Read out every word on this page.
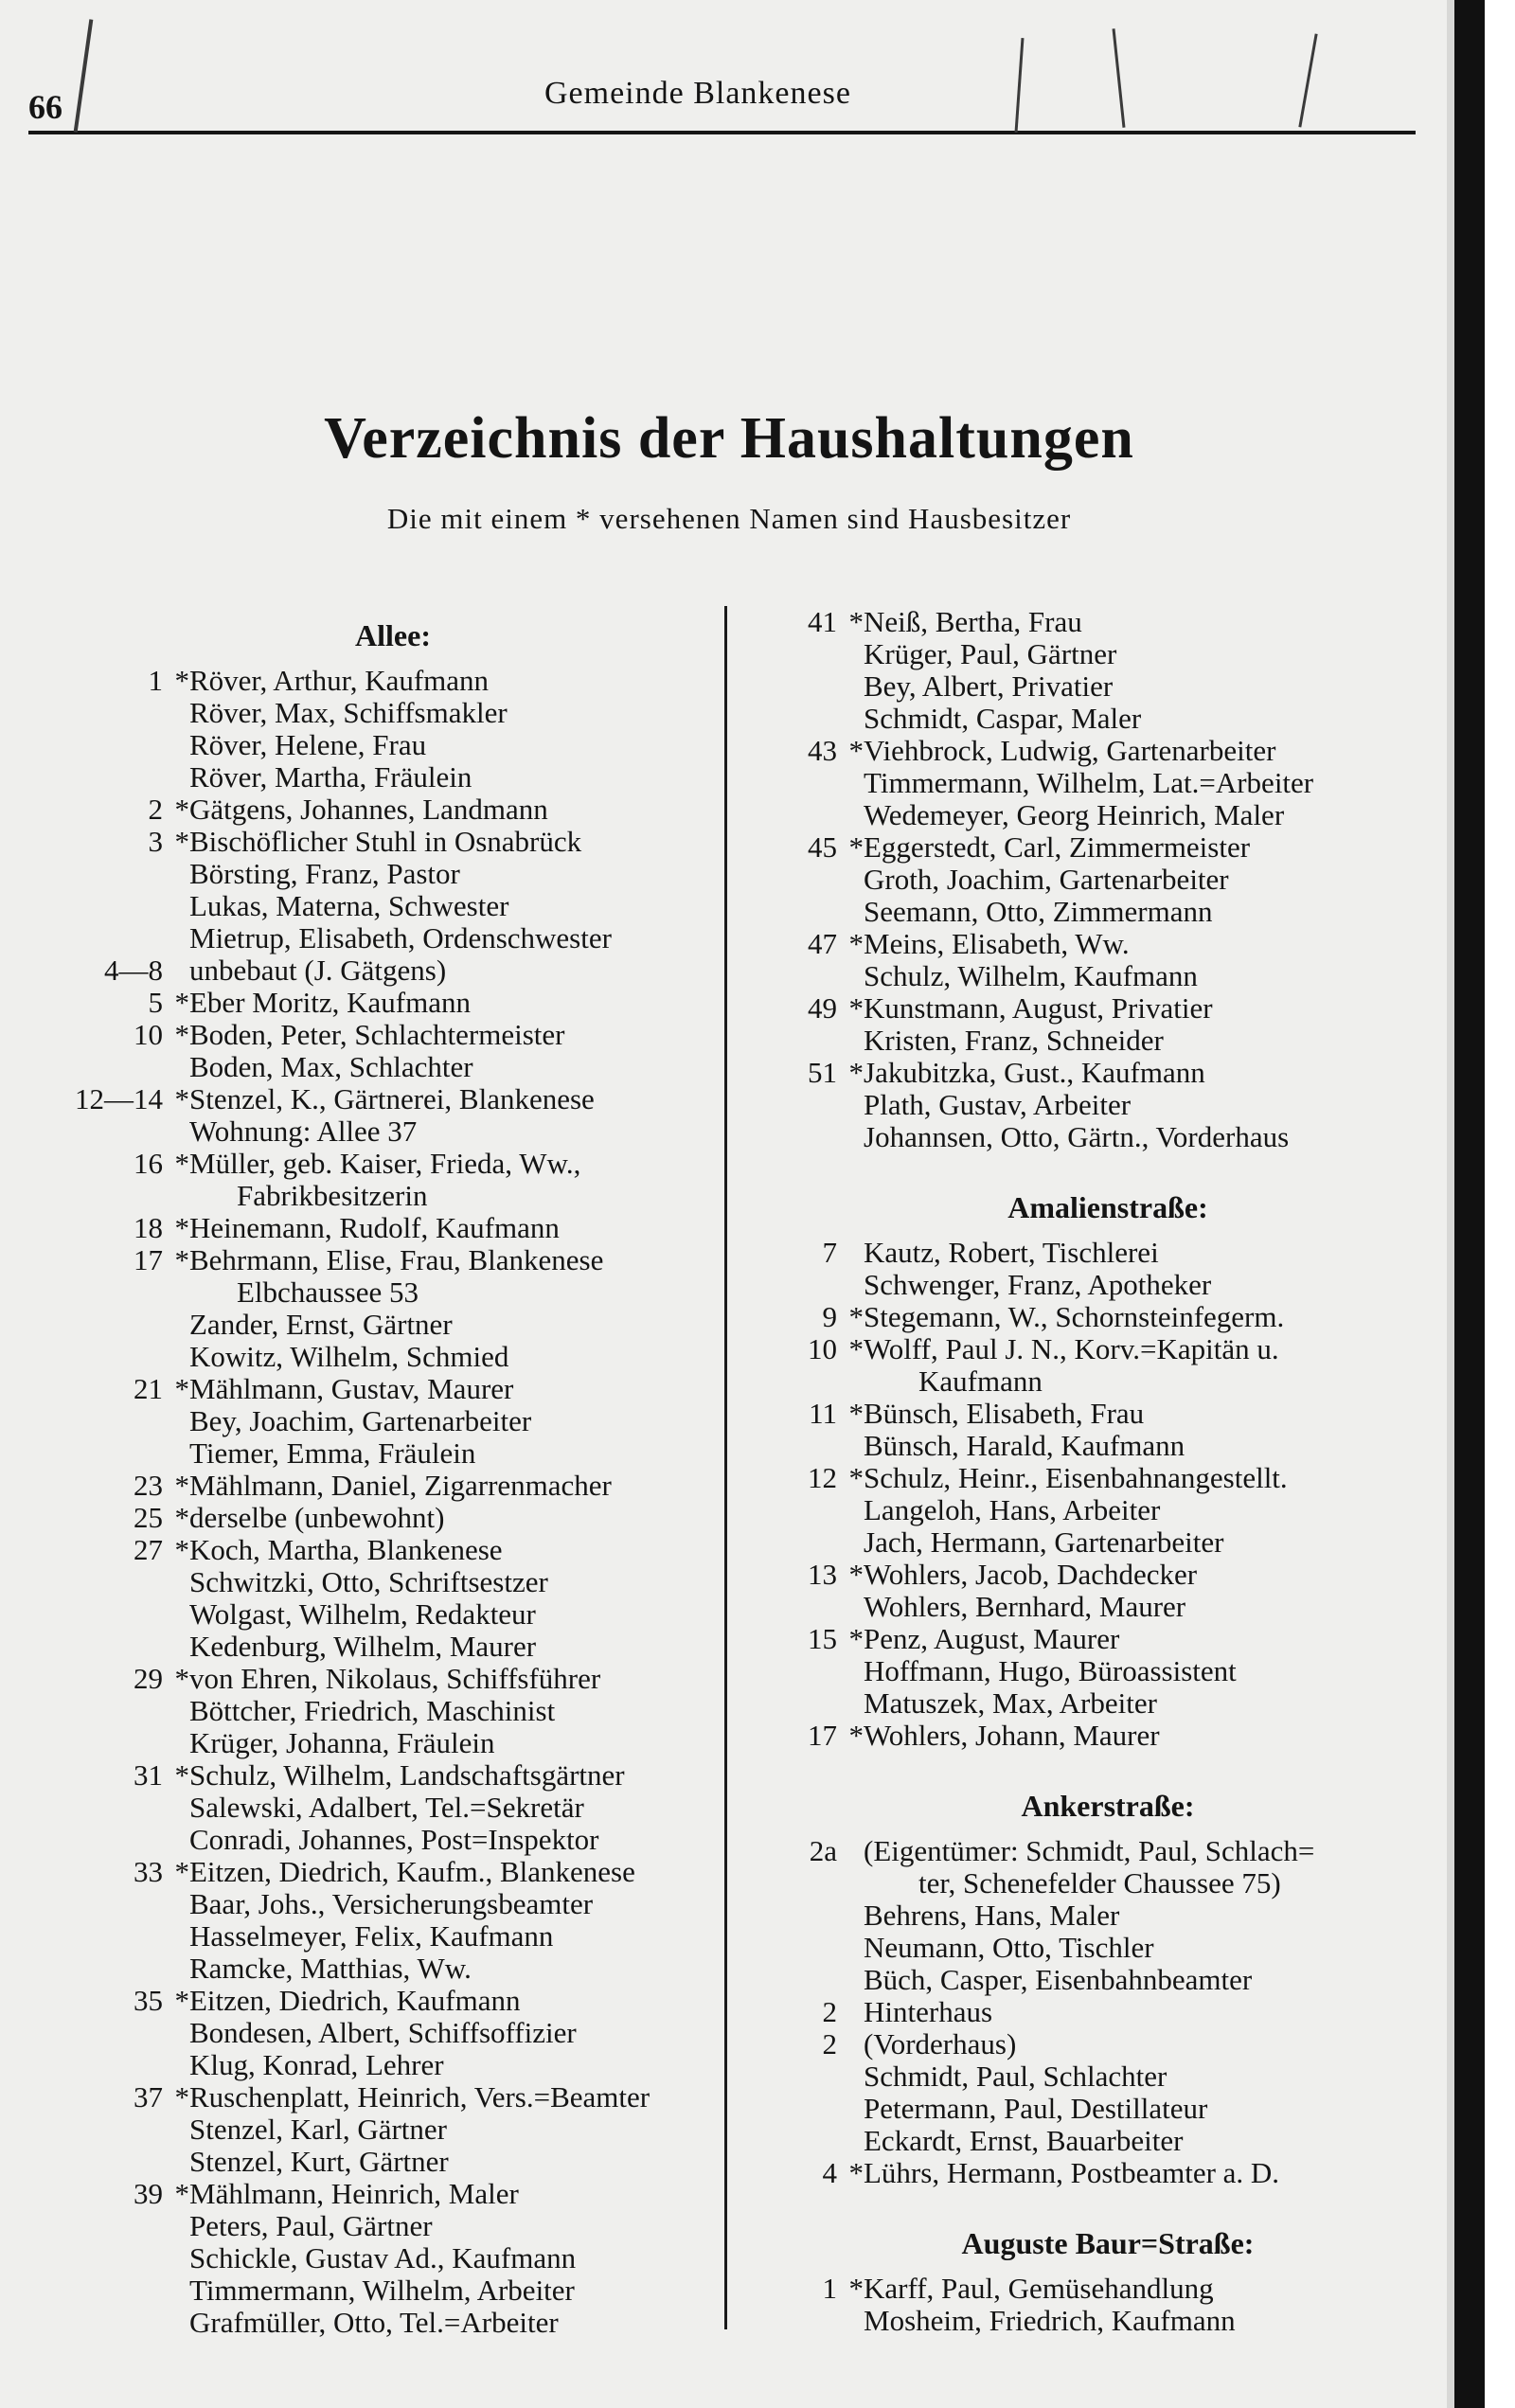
66	Gemeinde Blankenese
Verzeichnis der Haushaltungen
Die mit einem * versehenen Namen sind Hausbesitzer
Allee:
1 * Röver, Arthur, Kaufmann
Röver, Max, Schiffsmakler
Röver, Helene, Frau
Röver, Martha, Fräulein
2 * Gätgens, Johannes, Landmann
3 * Bischöflicher Stuhl in Osnabrück
Börsting, Franz, Pastor
Lukas, Materna, Schwester
Mietrup, Elisabeth, Ordenschwester
4—8 unbebaut (J. Gätgens)
5 * Eber Moritz, Kaufmann
10 * Boden, Peter, Schlachtermeister
Boden, Max, Schlachter
12—14 * Stenzel, K., Gärtnerei, Blankenese
Wohnung: Allee 37
16 * Müller, geb. Kaiser, Frieda, Ww.,
Fabrikbesitzerin
18 * Heinemann, Rudolf, Kaufmann
17 * Behrmann, Elise, Frau, Blankenese
Elbchaussee 53
Zander, Ernst, Gärtner
Kowitz, Wilhelm, Schmied
21 * Mählmann, Gustav, Maurer
Bey, Joachim, Gartenarbeiter
Tiemer, Emma, Fräulein
23 * Mählmann, Daniel, Zigarrenmacher
25 * derselbe (unbewohnt)
27 * Koch, Martha, Blankenese
Schwitzki, Otto, Schriftsestzer
Wolgast, Wilhelm, Redakteur
Kedenburg, Wilhelm, Maurer
29 * von Ehren, Nikolaus, Schiffsführer
Böttcher, Friedrich, Maschinist
Krüger, Johanna, Fräulein
31 * Schulz, Wilhelm, Landschaftsgärtner
Salewski, Adalbert, Tel.=Sekretär
Conradi, Johannes, Post=Inspektor
33 * Eitzen, Diedrich, Kaufm., Blankenese
Baar, Johs., Versicherungsbeamter
Hasselmeyer, Felix, Kaufmann
Ramcke, Matthias, Ww.
35 * Eitzen, Diedrich, Kaufmann
Bondesen, Albert, Schiffsoffizier
Klug, Konrad, Lehrer
37 * Ruschenplatt, Heinrich, Vers.=Beamter
Stenzel, Karl, Gärtner
Stenzel, Kurt, Gärtner
39 * Mählmann, Heinrich, Maler
Peters, Paul, Gärtner
Schickle, Gustav Ad., Kaufmann
Timmermann, Wilhelm, Arbeiter
Grafmüller, Otto, Tel.=Arbeiter
41 * Neiß, Bertha, Frau
Krüger, Paul, Gärtner
Bey, Albert, Privatier
Schmidt, Caspar, Maler
43 * Viehbrock, Ludwig, Gartenarbeiter
Timmermann, Wilhelm, Lat.=Arbeiter
Wedemeyer, Georg Heinrich, Maler
45 * Eggerstedt, Carl, Zimmermeister
Groth, Joachim, Gartenarbeiter
Seemann, Otto, Zimmermann
47 * Meins, Elisabeth, Ww.
Schulz, Wilhelm, Kaufmann
49 * Kunstmann, August, Privatier
Kristen, Franz, Schneider
51 * Jakubitzka, Gust., Kaufmann
Plath, Gustav, Arbeiter
Johannsen, Otto, Gärtn., Vorderhaus
Amalienstraße:
7 Kautz, Robert, Tischlerei
Schwenger, Franz, Apotheker
9 * Stegemann, W., Schornsteinfegerm.
10 * Wolff, Paul J. N., Korv.=Kapitän u.
Kaufmann
11 * Bünsch, Elisabeth, Frau
Bünsch, Harald, Kaufmann
12 * Schulz, Heinr., Eisenbahnangestellt.
Langeloh, Hans, Arbeiter
Jach, Hermann, Gartenarbeiter
13 * Wohlers, Jacob, Dachdecker
Wohlers, Bernhard, Maurer
15 * Penz, August, Maurer
Hoffmann, Hugo, Büroassistent
Matuszek, Max, Arbeiter
17 * Wohlers, Johann, Maurer
Ankerstraße:
2a (Eigentümer: Schmidt, Paul, Schlach=
ter, Schenefelder Chaussee 75)
Behrens, Hans, Maler
Neumann, Otto, Tischler
Büch, Casper, Eisenbahnbeamter
2 Hinterhaus
2 (Vorderhaus)
Schmidt, Paul, Schlachter
Petermann, Paul, Destillateur
Eckardt, Ernst, Bauarbeiter
4 * Lührs, Hermann, Postbeamter a. D.
Auguste Baur=Straße:
1 * Karff, Paul, Gemüsehandlung
Mosheim, Friedrich, Kaufmann
